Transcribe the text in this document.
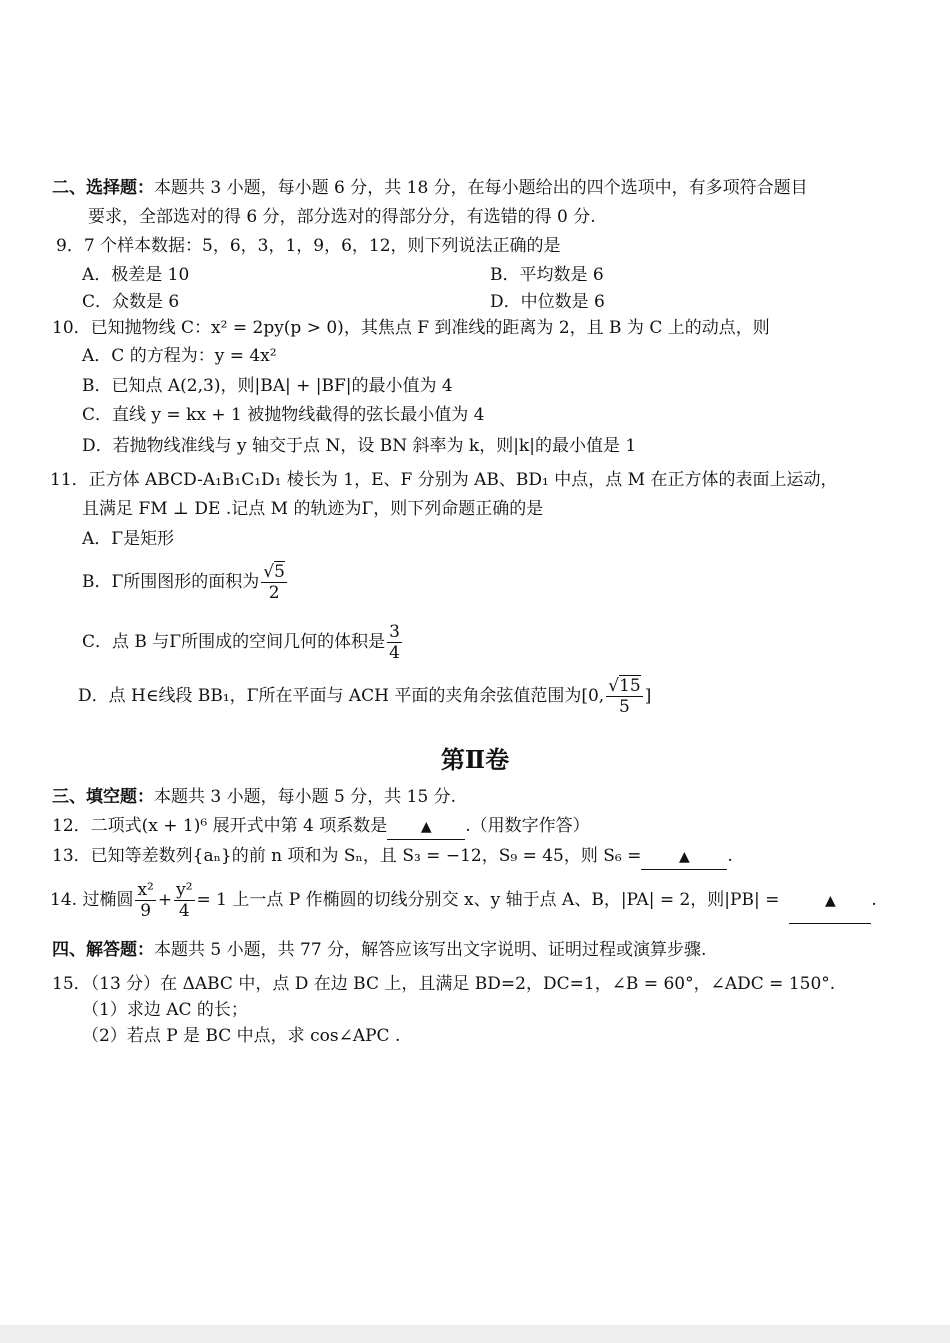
二、选择题：本题共 3 小题，每小题 6 分，共 18 分，在每小题给出的四个选项中，有多项符合题目
要求，全部选对的得 6 分，部分选对的得部分分，有选错的得 0 分.
9．7 个样本数据：5，6，3，1，9，6，12，则下列说法正确的是
A．极差是 10	B．平均数是 6
C．众数是 6	D．中位数是 6
10．已知抛物线 C：x² = 2py(p > 0)，其焦点 F 到准线的距离为 2，且 B 为 C 上的动点，则
A．C 的方程为：y = 4x²
B．已知点 A(2,3)，则|BA| + |BF|的最小值为 4
C．直线 y = kx + 1 被抛物线截得的弦长最小值为 4
D．若抛物线准线与 y 轴交于点 N，设 BN 斜率为 k，则|k|的最小值是 1
11．正方体 ABCD-A₁B₁C₁D₁ 棱长为 1，E、F 分别为 AB、BD₁ 中点，点 M 在正方体的表面上运动，
且满足 FM ⊥ DE .记点 M 的轨迹为Γ，则下列命题正确的是
A．Γ是矩形
B．Γ所围图形的面积为 √ $\frac{5}{2}$
C．点 B 与Γ所围成的空间几何的体积是 $\frac{3}{4}$
D．点 H∈线段 BB₁，Γ所在平面与 ACH 平面的夹角余弦值范围为[0, √ $\frac{15}{5}$ ]
第Ⅱ卷
三、填空题：本题共 3 小题，每小题 5 分，共 15 分.
12．二项式(x + 1)⁶ 展开式中第 4 项系数是 ▲ .（用数字作答）
13．已知等差数列{aₙ}的前 n 项和为 Sₙ，且 S₃ = −12，S₉ = 45，则 S₆ =	▲ .
14. 过椭圆 $\frac{\text{x²}}{9} + \frac{\text{y²}}{4} = 1$ 上一点 P 作椭圆的切线分别交 x、y 轴于点 A、B，|PA| = 2，则|PB| =	▲ .
四、解答题：本题共 5 小题，共 77 分，解答应该写出文字说明、证明过程或演算步骤.
15．（13 分）在 ΔABC 中，点 D 在边 BC 上，且满足 BD=2，DC=1，∠B = 60°，∠ADC = 150°.
（1）求边 AC 的长；
（2）若点 P 是 BC 中点，求 cos∠APC .
